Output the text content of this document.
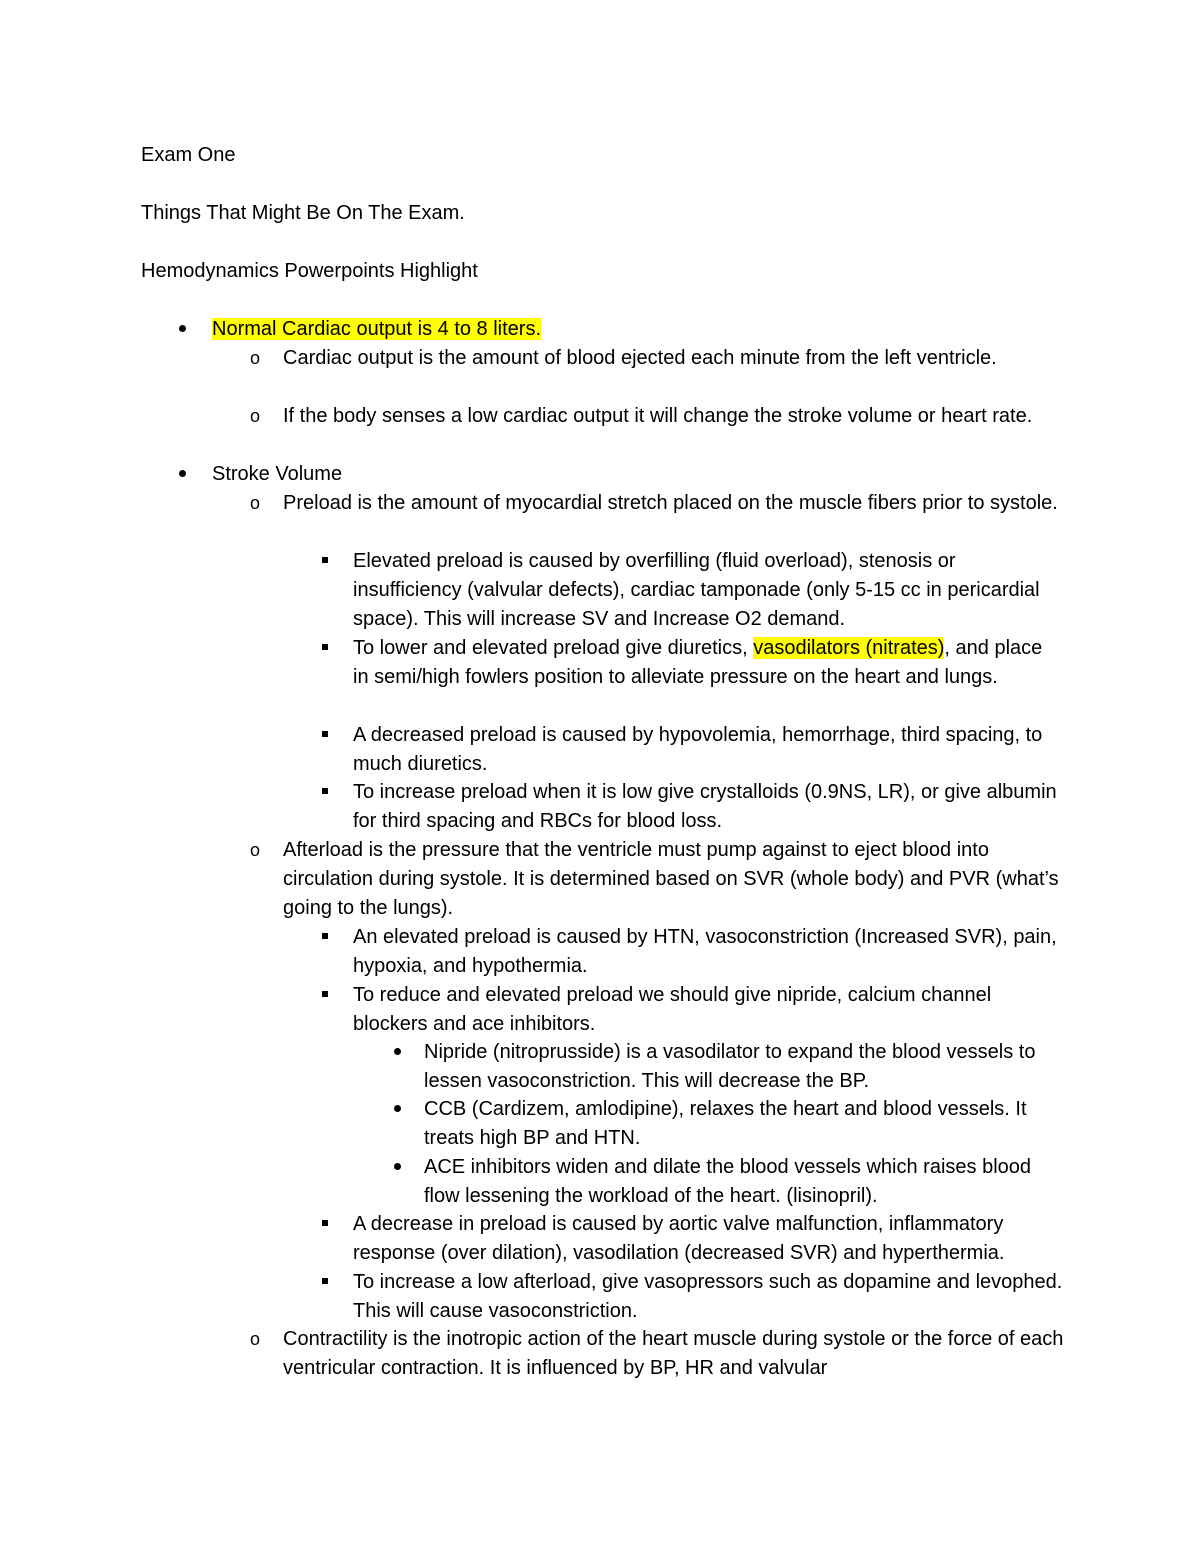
Exam One

Things That Might Be On The Exam.

Hemodynamics Powerpoints Highlight

Normal Cardiac output is 4 to 8 liters.
o	Cardiac output is the amount of blood ejected each minute from the left ventricle.
o	If the body senses a low cardiac output it will change the stroke volume or heart rate.
Stroke Volume
o	Preload is the amount of myocardial stretch placed on the muscle fibers prior to systole.
Elevated preload is caused by overfilling (fluid overload), stenosis or insufficiency (valvular defects), cardiac tamponade (only 5-15 cc in pericardial space). This will increase SV and Increase O2 demand.
To lower and elevated preload give diuretics, vasodilators (nitrates), and place in semi/high fowlers position to alleviate pressure on the heart and lungs.
A decreased preload is caused by hypovolemia, hemorrhage, third spacing, to much diuretics.
To increase preload when it is low give crystalloids (0.9NS, LR), or give albumin for third spacing and RBCs for blood loss.
o	Afterload is the pressure that the ventricle must pump against to eject blood into circulation during systole. It is determined based on SVR (whole body) and PVR (what’s going to the lungs).
An elevated preload is caused by HTN, vasoconstriction (Increased SVR), pain, hypoxia, and hypothermia.
To reduce and elevated preload we should give nipride, calcium channel blockers and ace inhibitors.
Nipride (nitroprusside) is a vasodilator to expand the blood vessels to lessen vasoconstriction. This will decrease the BP.
CCB (Cardizem, amlodipine), relaxes the heart and blood vessels. It treats high BP and HTN.
ACE inhibitors widen and dilate the blood vessels which raises blood flow lessening the workload of the heart. (lisinopril).
A decrease in preload is caused by aortic valve malfunction, inflammatory response (over dilation), vasodilation (decreased SVR) and hyperthermia.
To increase a low afterload, give vasopressors such as dopamine and levophed. This will cause vasoconstriction.
o	Contractility is the inotropic action of the heart muscle during systole or the force of each ventricular contraction. It is influenced by BP, HR and valvular
